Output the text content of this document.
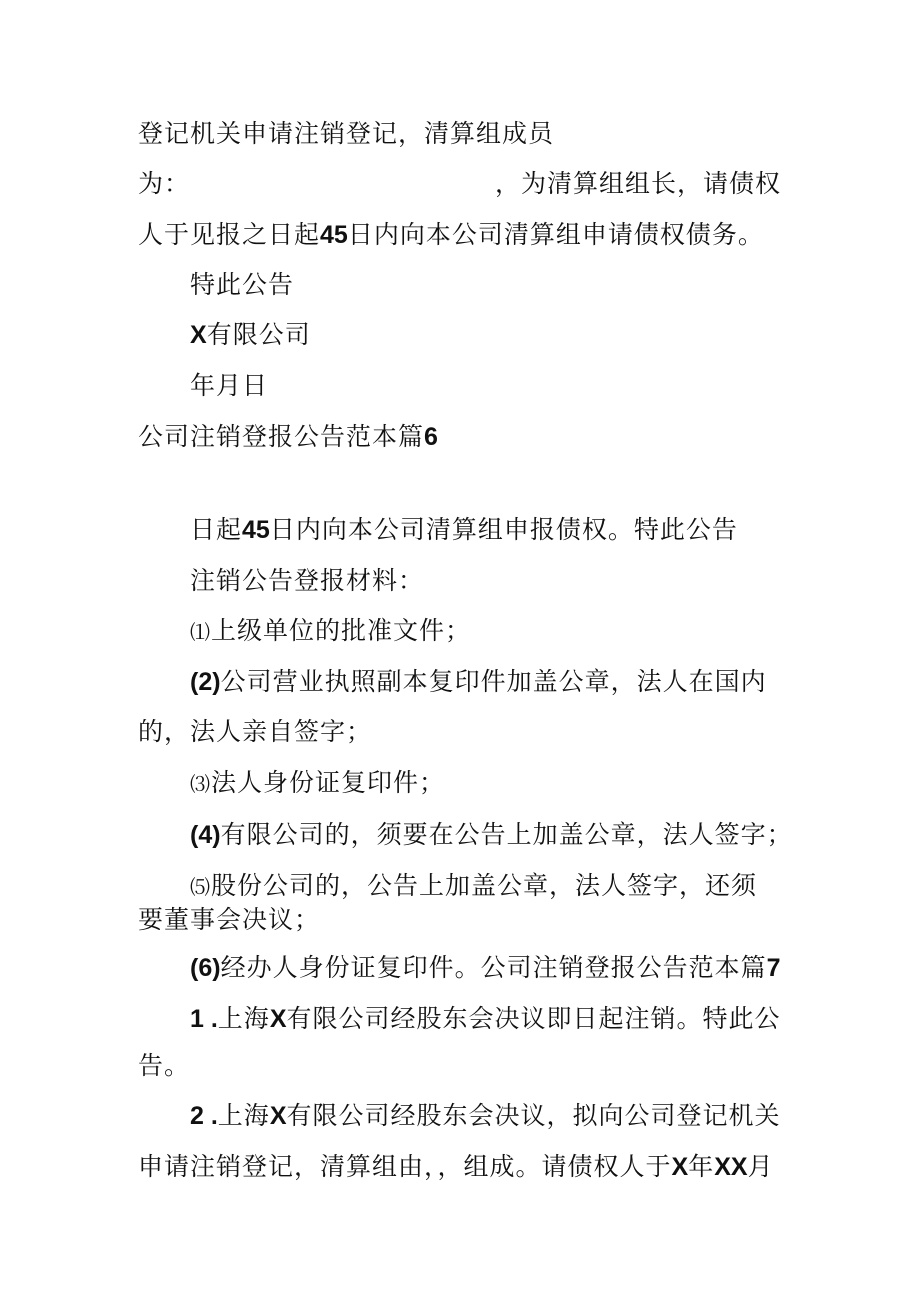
登记机关申请注销登记，清算组成员
为：	，为清算组组长，请债权
人于见报之日起45日内向本公司清算组申请债权债务。
特此公告
X有限公司
年月日
公司注销登报公告范本篇6
日起45日内向本公司清算组申报债权。特此公告
注销公告登报材料：
⑴上级单位的批准文件；
(2)公司营业执照副本复印件加盖公章，法人在国内
的，法人亲自签字；
⑶法人身份证复印件；
(4)有限公司的，须要在公告上加盖公章，法人签字；
⑸股份公司的，公告上加盖公章，法人签字，还须
要董事会决议；
(6)经办人身份证复印件。公司注销登报公告范本篇7
1 .上海X有限公司经股东会决议即日起注销。特此公
告。
2 .上海X有限公司经股东会决议，拟向公司登记机关
申请注销登记，清算组由，，组成。请债权人于X年XX月
